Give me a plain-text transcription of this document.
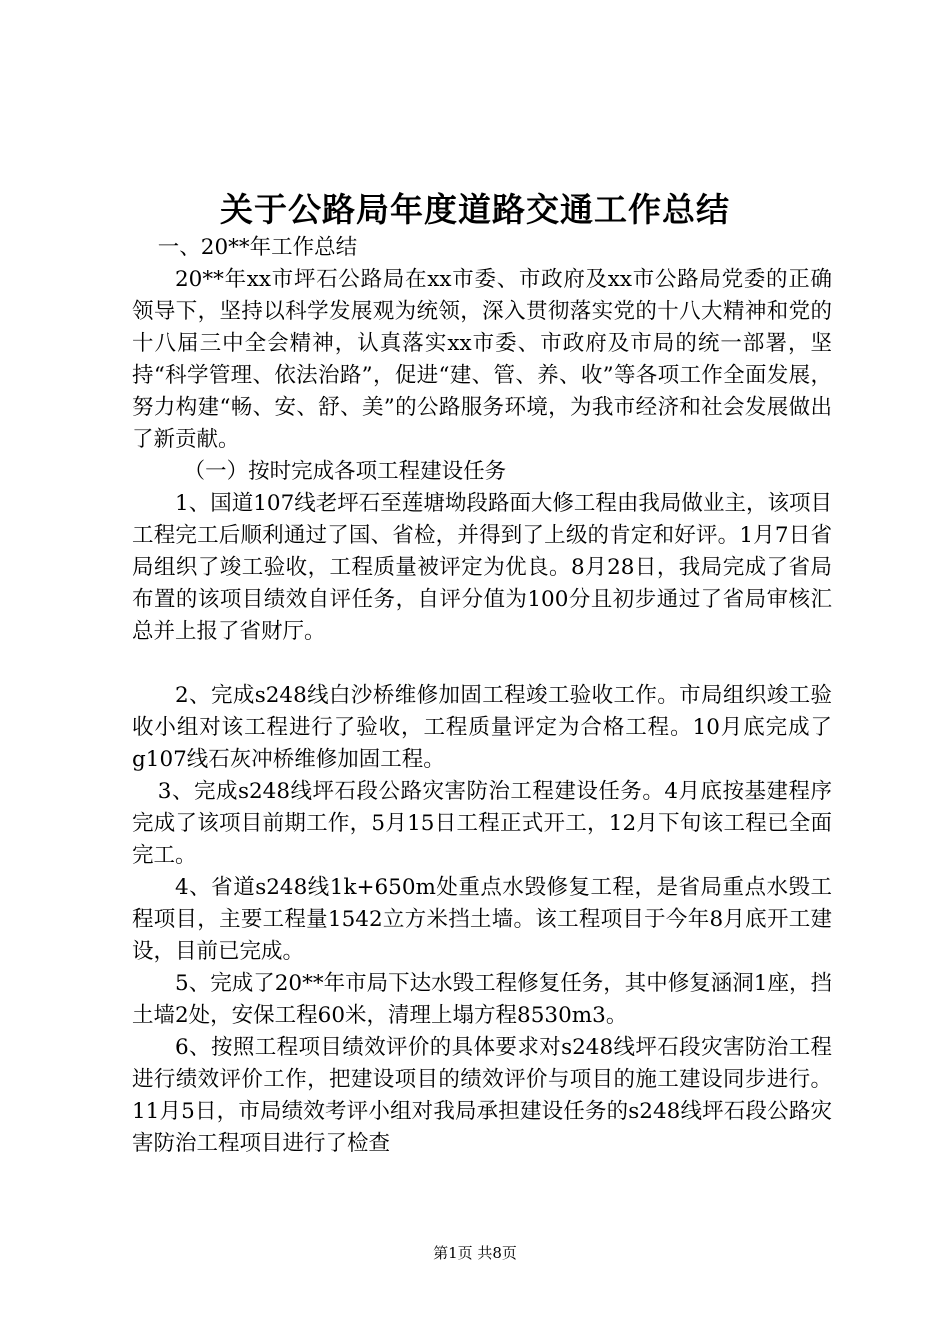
关于公路局年度道路交通工作总结

一、20**年工作总结

20**年xx市坪石公路局在xx市委、市政府及xx市公路局党委的正确领导下，坚持以科学发展观为统领，深入贯彻落实党的十八大精神和党的十八届三中全会精神，认真落实xx市委、市政府及市局的统一部署，坚持“科学管理、依法治路”，促进“建、管、养、收”等各项工作全面发展，努力构建“畅、安、舒、美”的公路服务环境，为我市经济和社会发展做出了新贡献。

（一）按时完成各项工程建设任务

1、国道107线老坪石至莲塘坳段路面大修工程由我局做业主，该项目工程完工后顺利通过了国、省检，并得到了上级的肯定和好评。1月7日省局组织了竣工验收，工程质量被评定为优良。8月28日，我局完成了省局布置的该项目绩效自评任务，自评分值为100分且初步通过了省局审核汇总并上报了省财厅。

2、完成s248线白沙桥维修加固工程竣工验收工作。市局组织竣工验收小组对该工程进行了验收，工程质量评定为合格工程。10月底完成了g107线石灰冲桥维修加固工程。

3、完成s248线坪石段公路灾害防治工程建设任务。4月底按基建程序完成了该项目前期工作，5月15日工程正式开工，12月下旬该工程已全面完工。

4、省道s248线1k+650m处重点水毁修复工程，是省局重点水毁工程项目，主要工程量1542立方米挡土墙。该工程项目于今年8月底开工建设，目前已完成。

5、完成了20**年市局下达水毁工程修复任务，其中修复涵洞1座，挡土墙2处，安保工程60米，清理上塌方程8530m3。

6、按照工程项目绩效评价的具体要求对s248线坪石段灾害防治工程进行绩效评价工作，把建设项目的绩效评价与项目的施工建设同步进行。11月5日，市局绩效考评小组对我局承担建设任务的s248线坪石段公路灾害防治工程项目进行了检查

第1页 共8页
